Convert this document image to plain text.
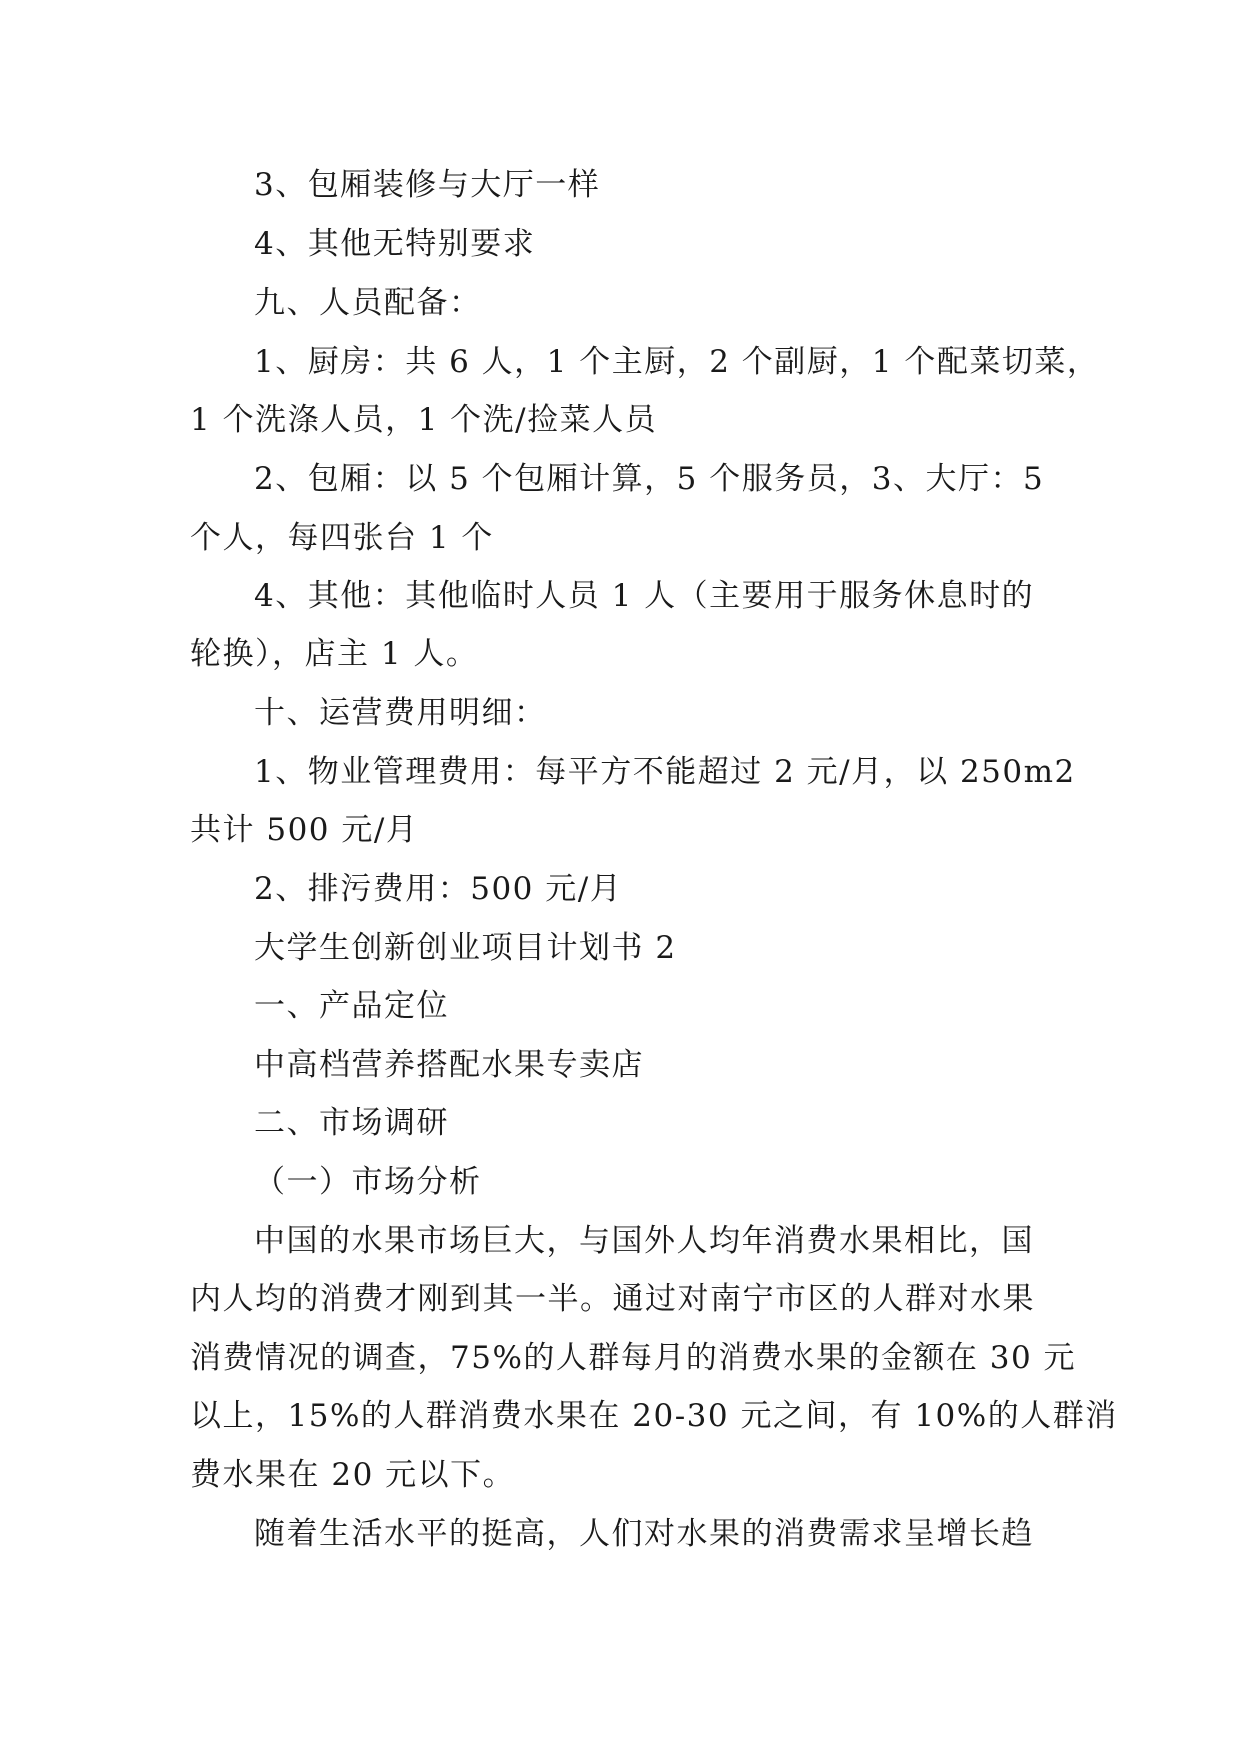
3、包厢装修与大厅一样
4、其他无特别要求
九、人员配备：
1、厨房：共 6 人，1 个主厨，2 个副厨，1 个配菜切菜，
1 个洗涤人员，1 个洗/捡菜人员
2、包厢：以 5 个包厢计算，5 个服务员，3、大厅：5
个人，每四张台 1 个
4、其他：其他临时人员 1 人（主要用于服务休息时的
轮换），店主 1 人。
十、运营费用明细：
1、物业管理费用：每平方不能超过 2 元/月，以 250m2
共计 500 元/月
2、排污费用：500 元/月
大学生创新创业项目计划书 2
一、产品定位
中高档营养搭配水果专卖店
二、市场调研
（一）市场分析
中国的水果市场巨大，与国外人均年消费水果相比，国
内人均的消费才刚到其一半。通过对南宁市区的人群对水果
消费情况的调查，75%的人群每月的消费水果的金额在 30 元
以上，15%的人群消费水果在 20-30 元之间，有 10%的人群消
费水果在 20 元以下。
随着生活水平的挺高，人们对水果的消费需求呈增长趋
